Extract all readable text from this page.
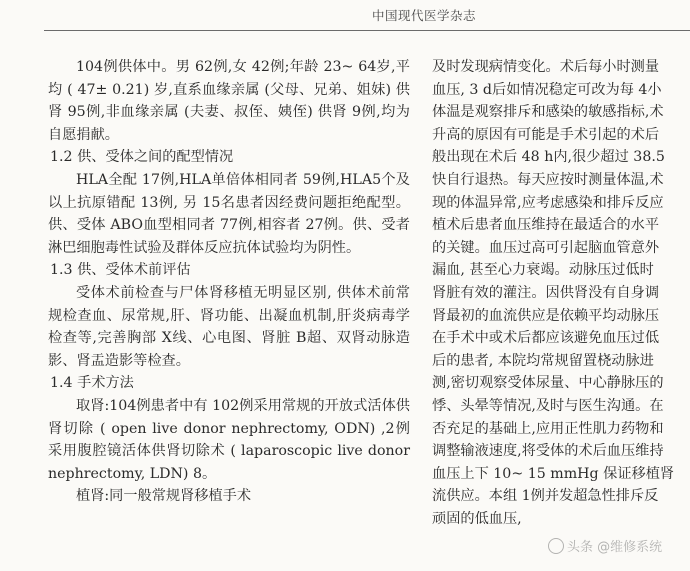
中国现代医学杂志
104例供体中。男 62例,女 42例;年龄 23~ 64岁,平均 ( 47± 0.21) 岁,直系血缘亲属 (父母、兄弟、姐妹) 供肾 95例,非血缘亲属 (夫妻、叔侄、姨侄) 供肾 9例,均为自愿捐献。
1.2 供、受体之间的配型情况
HLA全配 17例,HLA单倍体相同者 59例,HLA5个及以上抗原错配 13例, 另 15名患者因经费问题拒绝配型。供、受体 ABO血型相同者 77例,相容者 27例。供、受者淋巴细胞毒性试验及群体反应抗体试验均为阴性。
1.3 供、受体术前评估
受体术前检查与尸体肾移植无明显区别, 供体术前常规检查血、尿常规,肝、肾功能、出凝血机制,肝炎病毒学检查等,完善胸部 X线、心电图、肾脏 B超、双肾动脉造影、肾盂造影等检查。
1.4 手术方法
取肾:104例患者中有 102例采用常规的开放式活体供肾切除 ( open live donor nephrectomy, ODN) ,2例采用腹腔镜活体供肾切除术 ( laparoscopic live donor nephrectomy, LDN) 8。
植肾:同一般常规肾移植手术
及时发现病情变化。术后每小时测量
血压, 3 d后如情况稳定可改为每 4小
体温是观察排斥和感染的敏感指标,术
升高的原因有可能是手术引起的术后
般出现在术后 48 h内,很少超过 38.5
快自行退热。每天应按时测量体温,术
现的体温异常,应考虑感染和排斥反应
植术后患者血压维持在最适合的水平
的关键。血压过高可引起脑血管意外
漏血, 甚至心力衰竭。动脉压过低时
肾脏有效的灌注。因供肾没有自身调
肾最初的血流供应是依赖平均动脉压
在手术中或术后都应该避免血压过低
后的患者, 本院均常规留置桡动脉进
测,密切观察受体尿量、中心静脉压的
悸、头晕等情况,及时与医生沟通。在
否充足的基础上,应用正性肌力药物和
调整输液速度,将受体的术后血压维持
血压上下 10~ 15 mmHg 保证移植肾
流供应。本组 1例并发超急性排斥反
顽固的低血压,
头条 @维修系统
